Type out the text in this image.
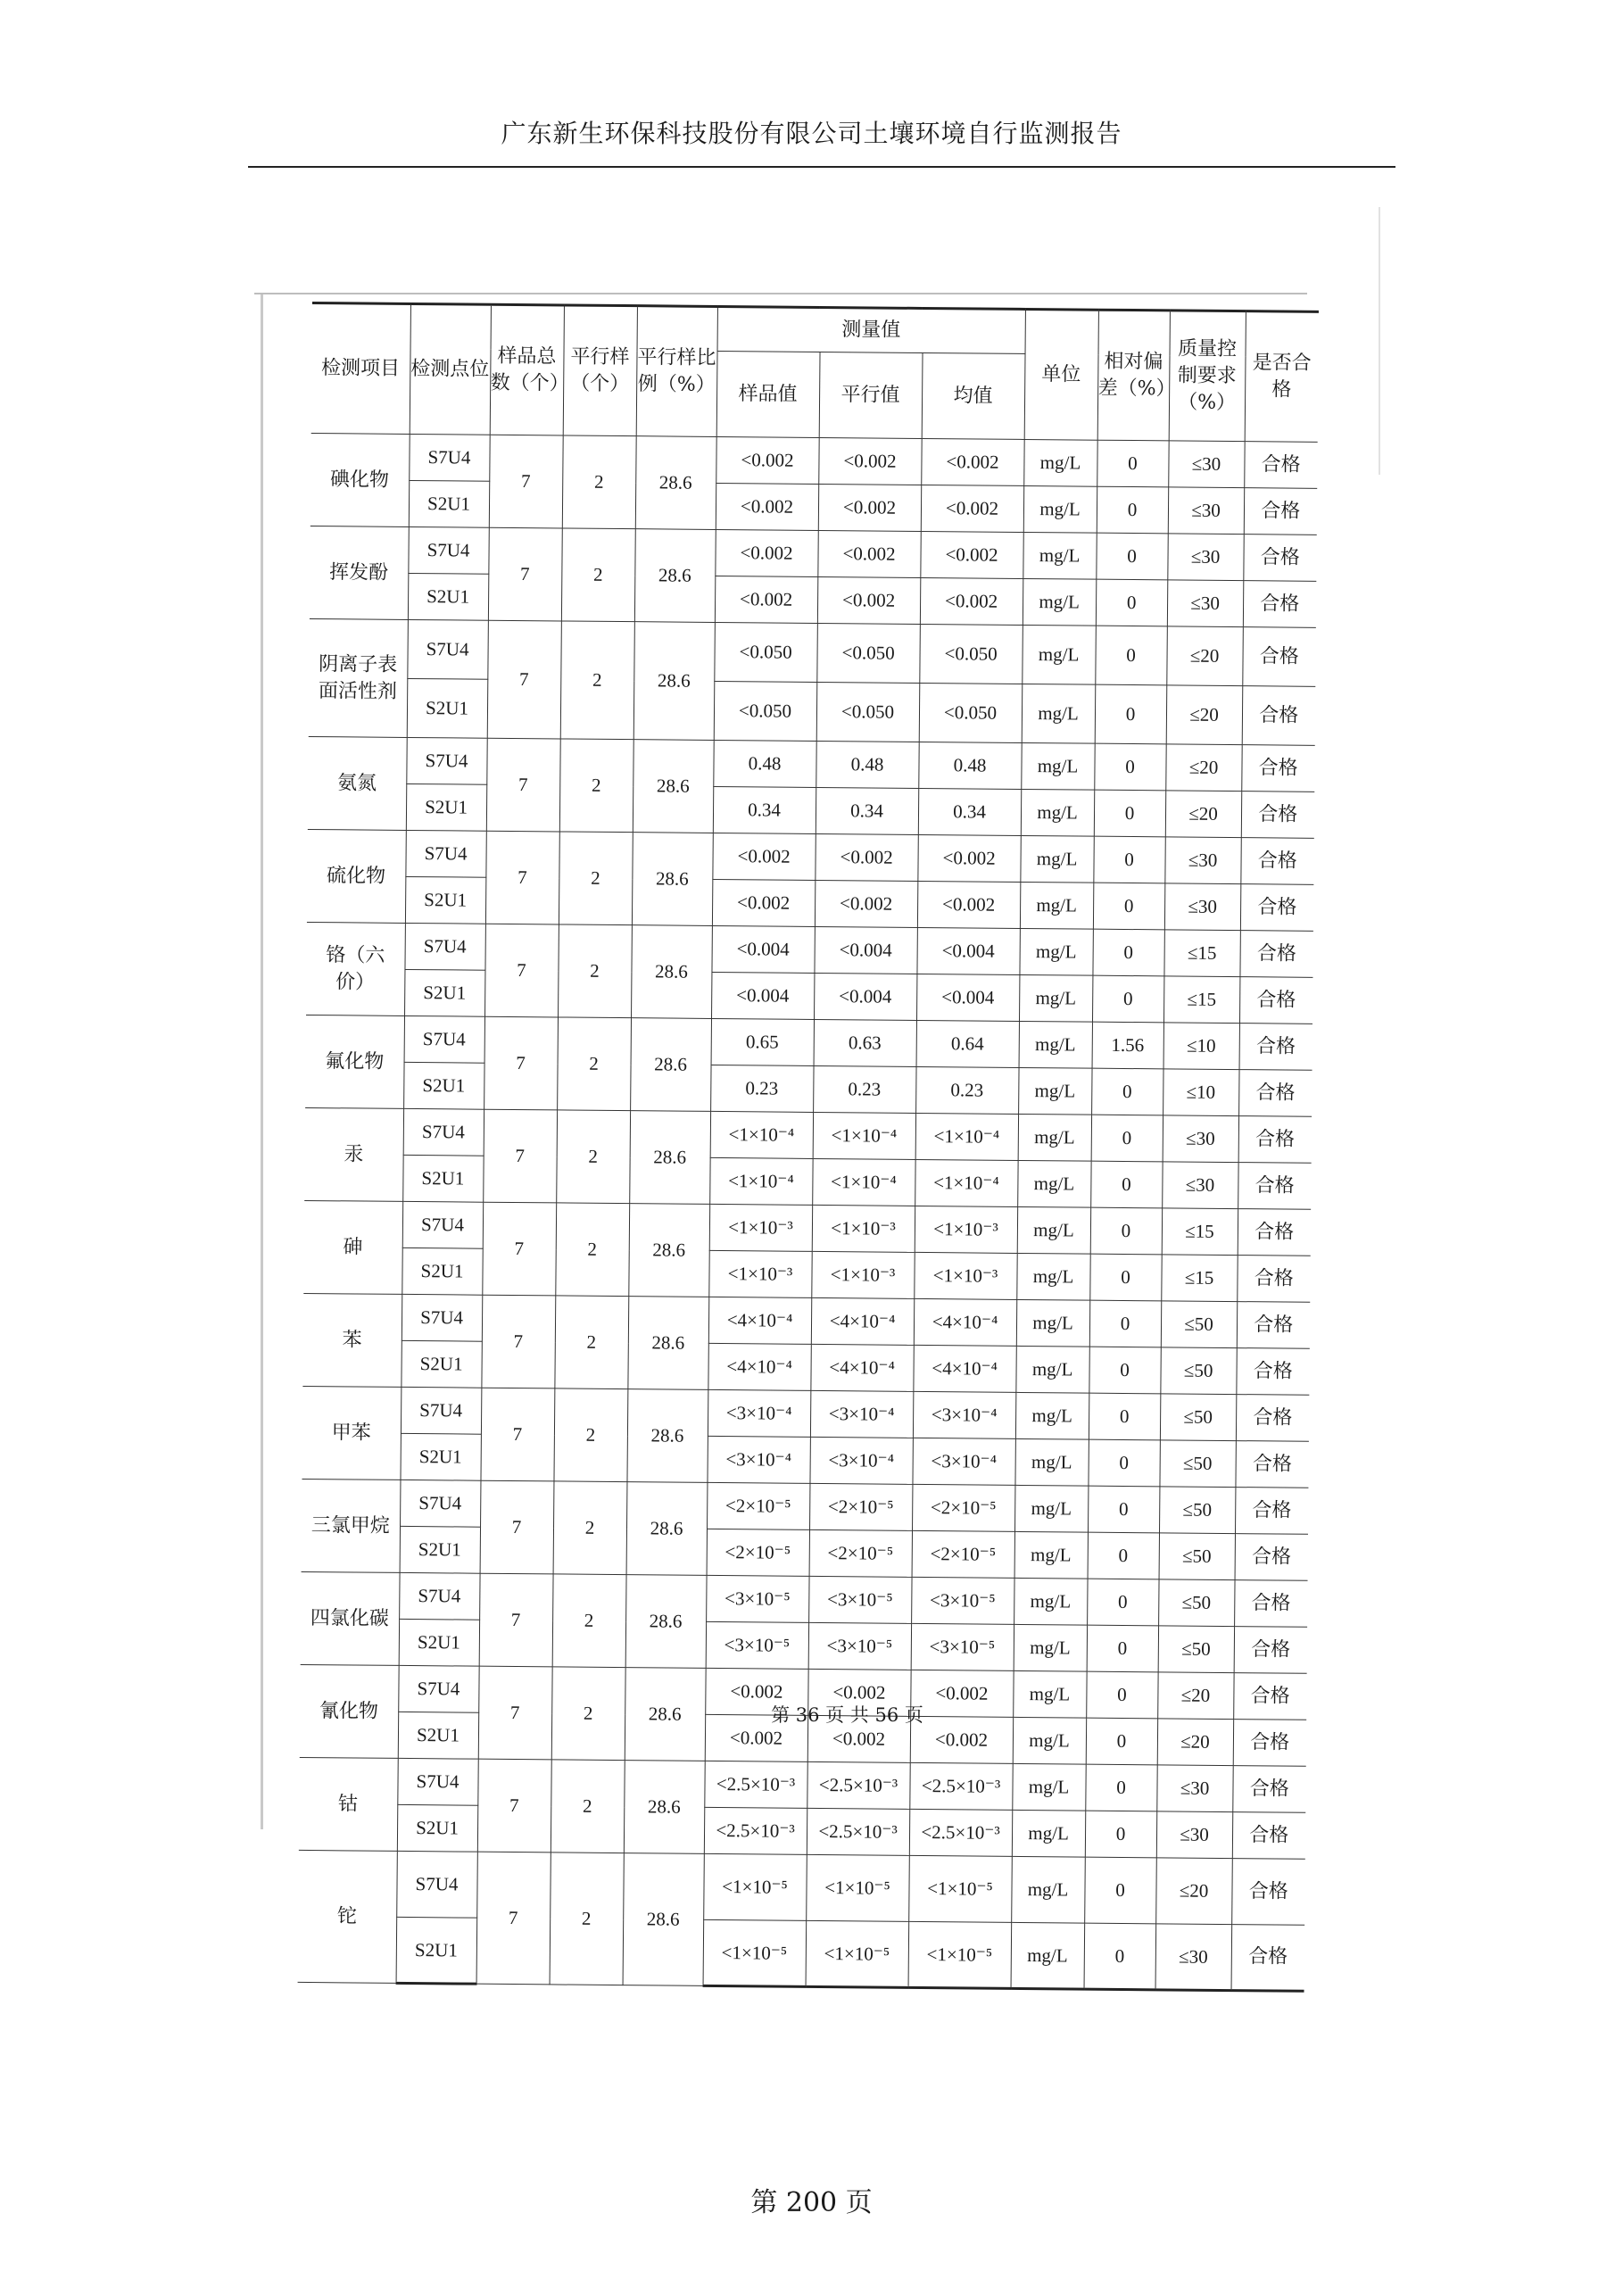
广东新生环保科技股份有限公司土壤环境自行监测报告
检测项目	检测点位	样品总数（个）	平行样（个）	平行样比例（%）	测量值			单位	相对偏差（%）	质量控制要求（%）	是否合格
					样品值	平行值	均值				
碘化物	S7U4	7	2	28.6	<0.002	<0.002	<0.002	mg/L	0	≤30	合格
	S2U1				<0.002	<0.002	<0.002	mg/L	0	≤30	合格
挥发酚	S7U4	7	2	28.6	<0.002	<0.002	<0.002	mg/L	0	≤30	合格
	S2U1				<0.002	<0.002	<0.002	mg/L	0	≤30	合格
阴离子表面活性剂	S7U4	7	2	28.6	<0.050	<0.050	<0.050	mg/L	0	≤20	合格
	S2U1				<0.050	<0.050	<0.050	mg/L	0	≤20	合格
氨氮	S7U4	7	2	28.6	0.48	0.48	0.48	mg/L	0	≤20	合格
	S2U1				0.34	0.34	0.34	mg/L	0	≤20	合格
硫化物	S7U4	7	2	28.6	<0.002	<0.002	<0.002	mg/L	0	≤30	合格
	S2U1				<0.002	<0.002	<0.002	mg/L	0	≤30	合格
铬（六价）	S7U4	7	2	28.6	<0.004	<0.004	<0.004	mg/L	0	≤15	合格
	S2U1				<0.004	<0.004	<0.004	mg/L	0	≤15	合格
氟化物	S7U4	7	2	28.6	0.65	0.63	0.64	mg/L	1.56	≤10	合格
	S2U1				0.23	0.23	0.23	mg/L	0	≤10	合格
汞	S7U4	7	2	28.6	<1×10⁻⁴	<1×10⁻⁴	<1×10⁻⁴	mg/L	0	≤30	合格
	S2U1				<1×10⁻⁴	<1×10⁻⁴	<1×10⁻⁴	mg/L	0	≤30	合格
砷	S7U4	7	2	28.6	<1×10⁻³	<1×10⁻³	<1×10⁻³	mg/L	0	≤15	合格
	S2U1				<1×10⁻³	<1×10⁻³	<1×10⁻³	mg/L	0	≤15	合格
苯	S7U4	7	2	28.6	<4×10⁻⁴	<4×10⁻⁴	<4×10⁻⁴	mg/L	0	≤50	合格
	S2U1				<4×10⁻⁴	<4×10⁻⁴	<4×10⁻⁴	mg/L	0	≤50	合格
甲苯	S7U4	7	2	28.6	<3×10⁻⁴	<3×10⁻⁴	<3×10⁻⁴	mg/L	0	≤50	合格
	S2U1				<3×10⁻⁴	<3×10⁻⁴	<3×10⁻⁴	mg/L	0	≤50	合格
三氯甲烷	S7U4	7	2	28.6	<2×10⁻⁵	<2×10⁻⁵	<2×10⁻⁵	mg/L	0	≤50	合格
	S2U1				<2×10⁻⁵	<2×10⁻⁵	<2×10⁻⁵	mg/L	0	≤50	合格
四氯化碳	S7U4	7	2	28.6	<3×10⁻⁵	<3×10⁻⁵	<3×10⁻⁵	mg/L	0	≤50	合格
	S2U1				<3×10⁻⁵	<3×10⁻⁵	<3×10⁻⁵	mg/L	0	≤50	合格
氰化物	S7U4	7	2	28.6	<0.002	<0.002	<0.002	mg/L	0	≤20	合格
	S2U1				<0.002	<0.002	<0.002	mg/L	0	≤20	合格
钴	S7U4	7	2	28.6	<2.5×10⁻³	<2.5×10⁻³	<2.5×10⁻³	mg/L	0	≤30	合格
	S2U1				<2.5×10⁻³	<2.5×10⁻³	<2.5×10⁻³	mg/L	0	≤30	合格
铊	S7U4	7	2	28.6	<1×10⁻⁵	<1×10⁻⁵	<1×10⁻⁵	mg/L	0	≤20	合格
	S2U1				<1×10⁻⁵	<1×10⁻⁵	<1×10⁻⁵	mg/L	0	≤30	合格
第 36 页 共 56 页
第 200 页
